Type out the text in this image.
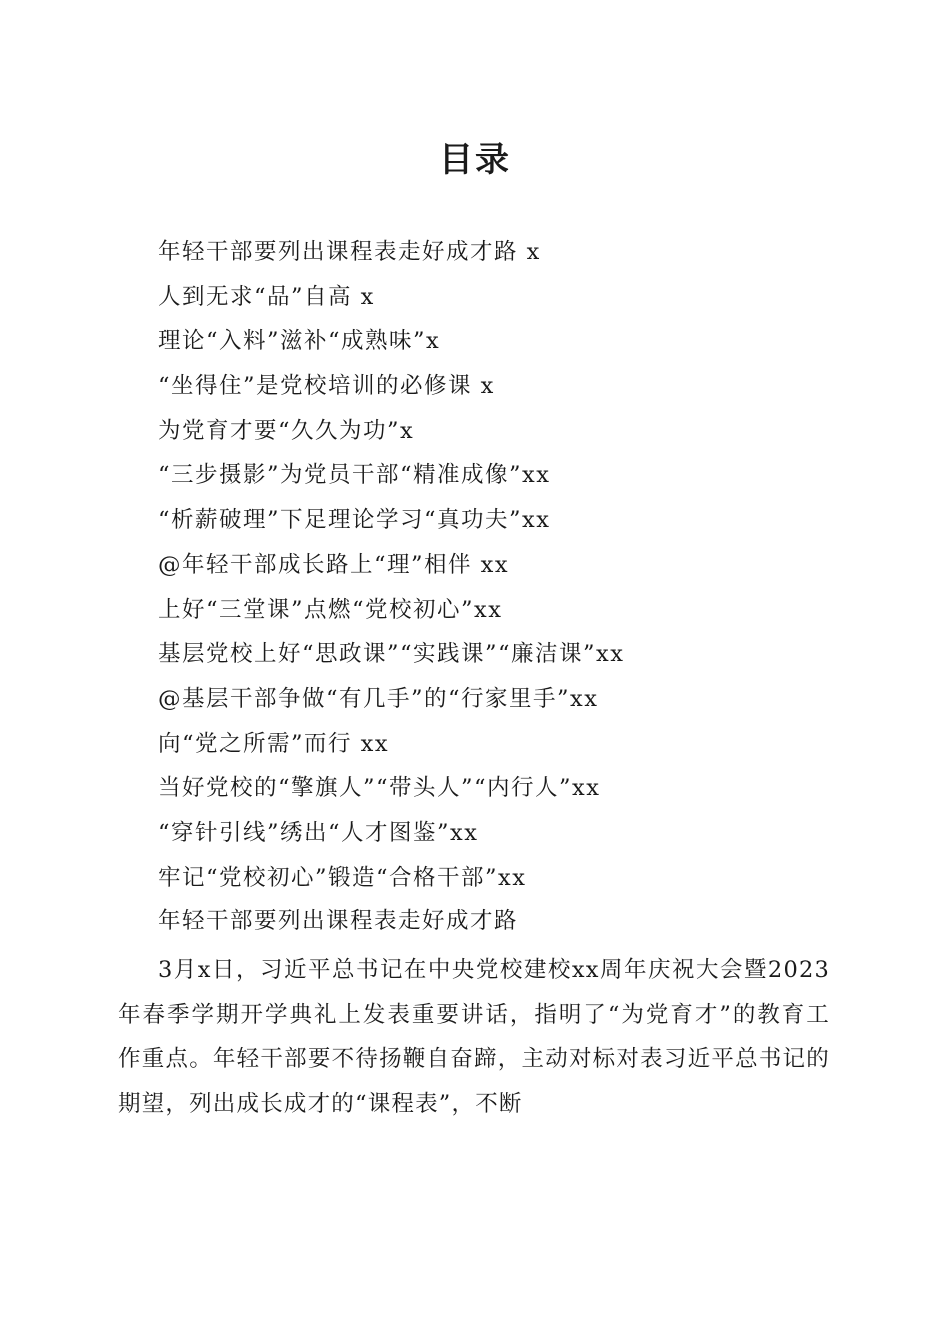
目录
年轻干部要列出课程表走好成才路 x
人到无求“品”自高 x
理论“入料”滋补“成熟味”x
“坐得住”是党校培训的必修课 x
为党育才要“久久为功”x
“三步摄影”为党员干部“精准成像”xx
“析薪破理”下足理论学习“真功夫”xx
@年轻干部成长路上“理”相伴 xx
上好“三堂课”点燃“党校初心”xx
基层党校上好“思政课”“实践课”“廉洁课”xx
@基层干部争做“有几手”的“行家里手”xx
向“党之所需”而行 xx
当好党校的“擎旗人”“带头人”“内行人”xx
“穿针引线”绣出“人才图鉴”xx
牢记“党校初心”锻造“合格干部”xx
年轻干部要列出课程表走好成才路

3月x日，习近平总书记在中央党校建校xx周年庆祝大会暨2023年春季学期开学典礼上发表重要讲话，指明了“为党育才”的教育工作重点。年轻干部要不待扬鞭自奋蹄，主动对标对表习近平总书记的期望，列出成长成才的“课程表”，不断
